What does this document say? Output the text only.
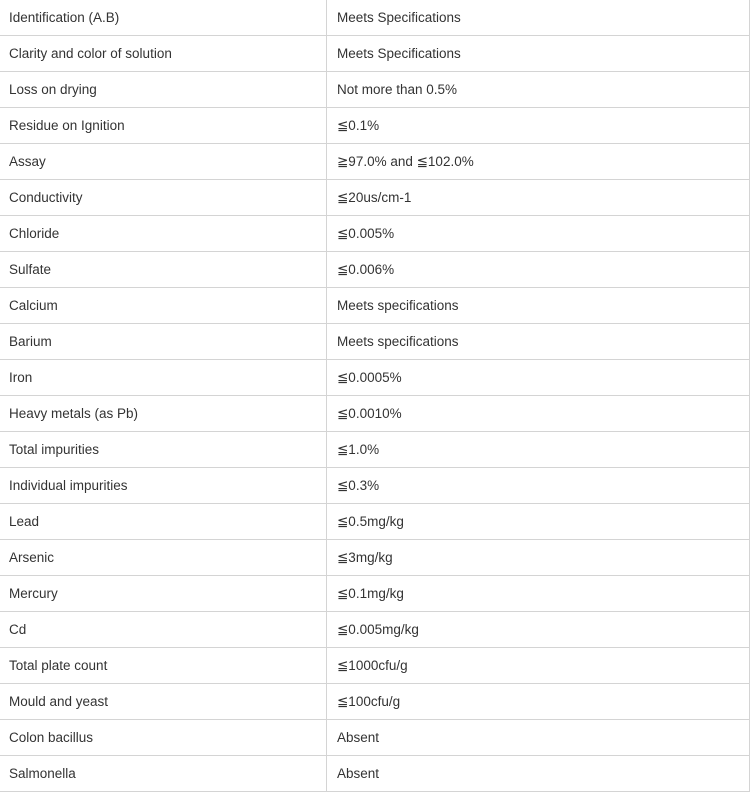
Identification (A.B)	Meets Specifications
Clarity and color of solution	Meets Specifications
Loss on drying	Not more than 0.5%
Residue on Ignition	≦0.1%
Assay	≧97.0% and ≦102.0%
Conductivity	≦20us/cm-1
Chloride	≦0.005%
Sulfate	≦0.006%
Calcium	Meets specifications
Barium	Meets specifications
Iron	≦0.0005%
Heavy metals (as Pb)	≦0.0010%
Total impurities	≦1.0%
Individual impurities	≦0.3%
Lead	≦0.5mg/kg
Arsenic	≦3mg/kg
Mercury	≦0.1mg/kg
Cd	≦0.005mg/kg
Total plate count	≦1000cfu/g
Mould and yeast	≦100cfu/g
Colon bacillus	Absent
Salmonella	Absent
